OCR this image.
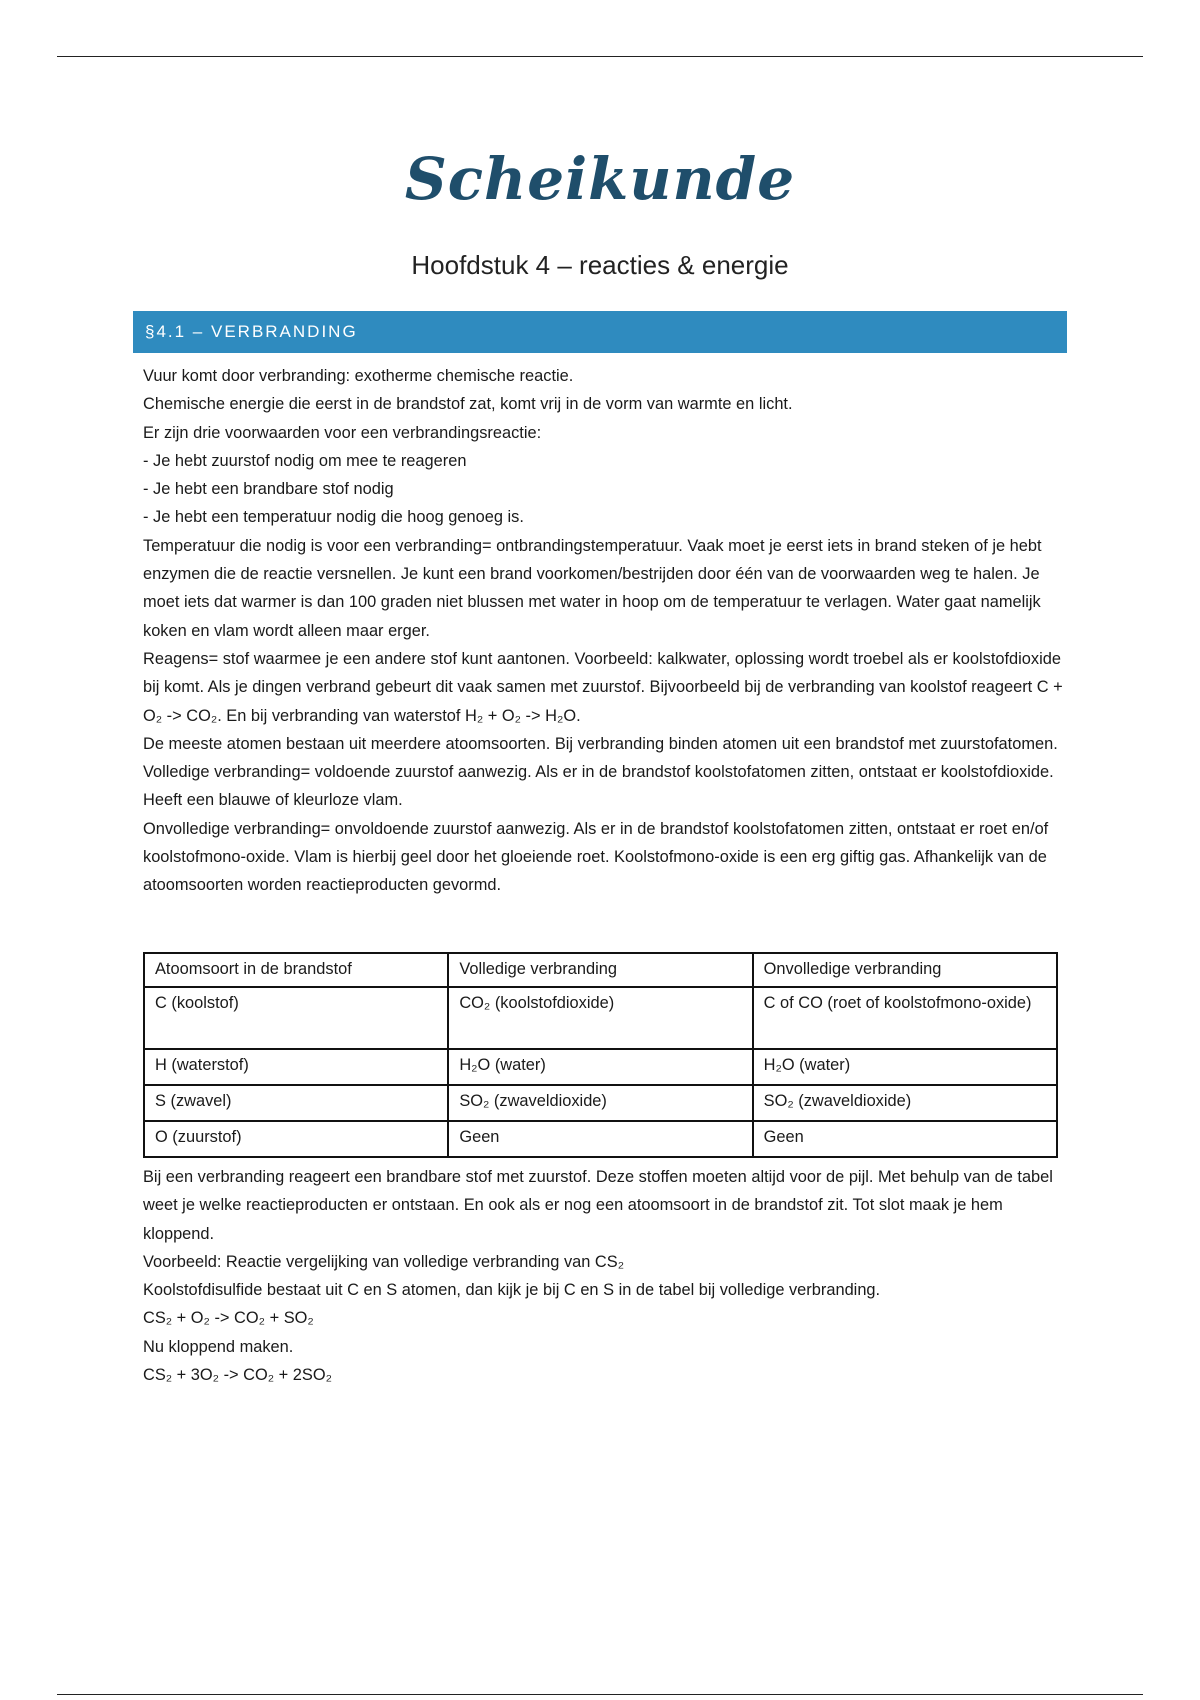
Scheikunde
Hoofdstuk 4 – reacties & energie
§4.1 – VERBRANDING

Vuur komt door verbranding: exotherme chemische reactie.

Chemische energie die eerst in de brandstof zat, komt vrij in de vorm van warmte en licht.

Er zijn drie voorwaarden voor een verbrandingsreactie:

- Je hebt zuurstof nodig om mee te reageren

- Je hebt een brandbare stof nodig

- Je hebt een temperatuur nodig die hoog genoeg is.

Temperatuur die nodig is voor een verbranding= ontbrandingstemperatuur. Vaak moet je eerst iets in brand steken of je hebt enzymen die de reactie versnellen. Je kunt een brand voorkomen/bestrijden door één van de voorwaarden weg te halen. Je moet iets dat warmer is dan 100 graden niet blussen met water in hoop om de temperatuur te verlagen. Water gaat namelijk koken en vlam wordt alleen maar erger.

Reagens= stof waarmee je een andere stof kunt aantonen. Voorbeeld: kalkwater, oplossing wordt troebel als er koolstofdioxide bij komt. Als je dingen verbrand gebeurt dit vaak samen met zuurstof. Bijvoorbeeld bij de verbranding van koolstof reageert C + O₂ -> CO₂. En bij verbranding van waterstof H₂ + O₂ -> H₂O.

De meeste atomen bestaan uit meerdere atoomsoorten. Bij verbranding binden atomen uit een brandstof met zuurstofatomen.

Volledige verbranding= voldoende zuurstof aanwezig. Als er in de brandstof koolstofatomen zitten, ontstaat er koolstofdioxide. Heeft een blauwe of kleurloze vlam.

Onvolledige verbranding= onvoldoende zuurstof aanwezig. Als er in de brandstof koolstofatomen zitten, ontstaat er roet en/of koolstofmono-oxide. Vlam is hierbij geel door het gloeiende roet. Koolstofmono-oxide is een erg giftig gas. Afhankelijk van de atoomsoorten worden reactieproducten gevormd.

Atoomsoort in de brandstof	Volledige verbranding	Onvolledige verbranding
C (koolstof)	CO₂ (koolstofdioxide)	C of CO (roet of koolstofmono-oxide)
H (waterstof)	H₂O (water)	H₂O (water)
S (zwavel)	SO₂ (zwaveldioxide)	SO₂ (zwaveldioxide)
O (zuurstof)	Geen	Geen

Bij een verbranding reageert een brandbare stof met zuurstof. Deze stoffen moeten altijd voor de pijl. Met behulp van de tabel weet je welke reactieproducten er ontstaan. En ook als er nog een atoomsoort in de brandstof zit. Tot slot maak je hem kloppend.

Voorbeeld: Reactie vergelijking van volledige verbranding van CS₂

Koolstofdisulfide bestaat uit C en S atomen, dan kijk je bij C en S in de tabel bij volledige verbranding.

CS₂ + O₂ -> CO₂ + SO₂

Nu kloppend maken.

CS₂ + 3O₂ -> CO₂ + 2SO₂
